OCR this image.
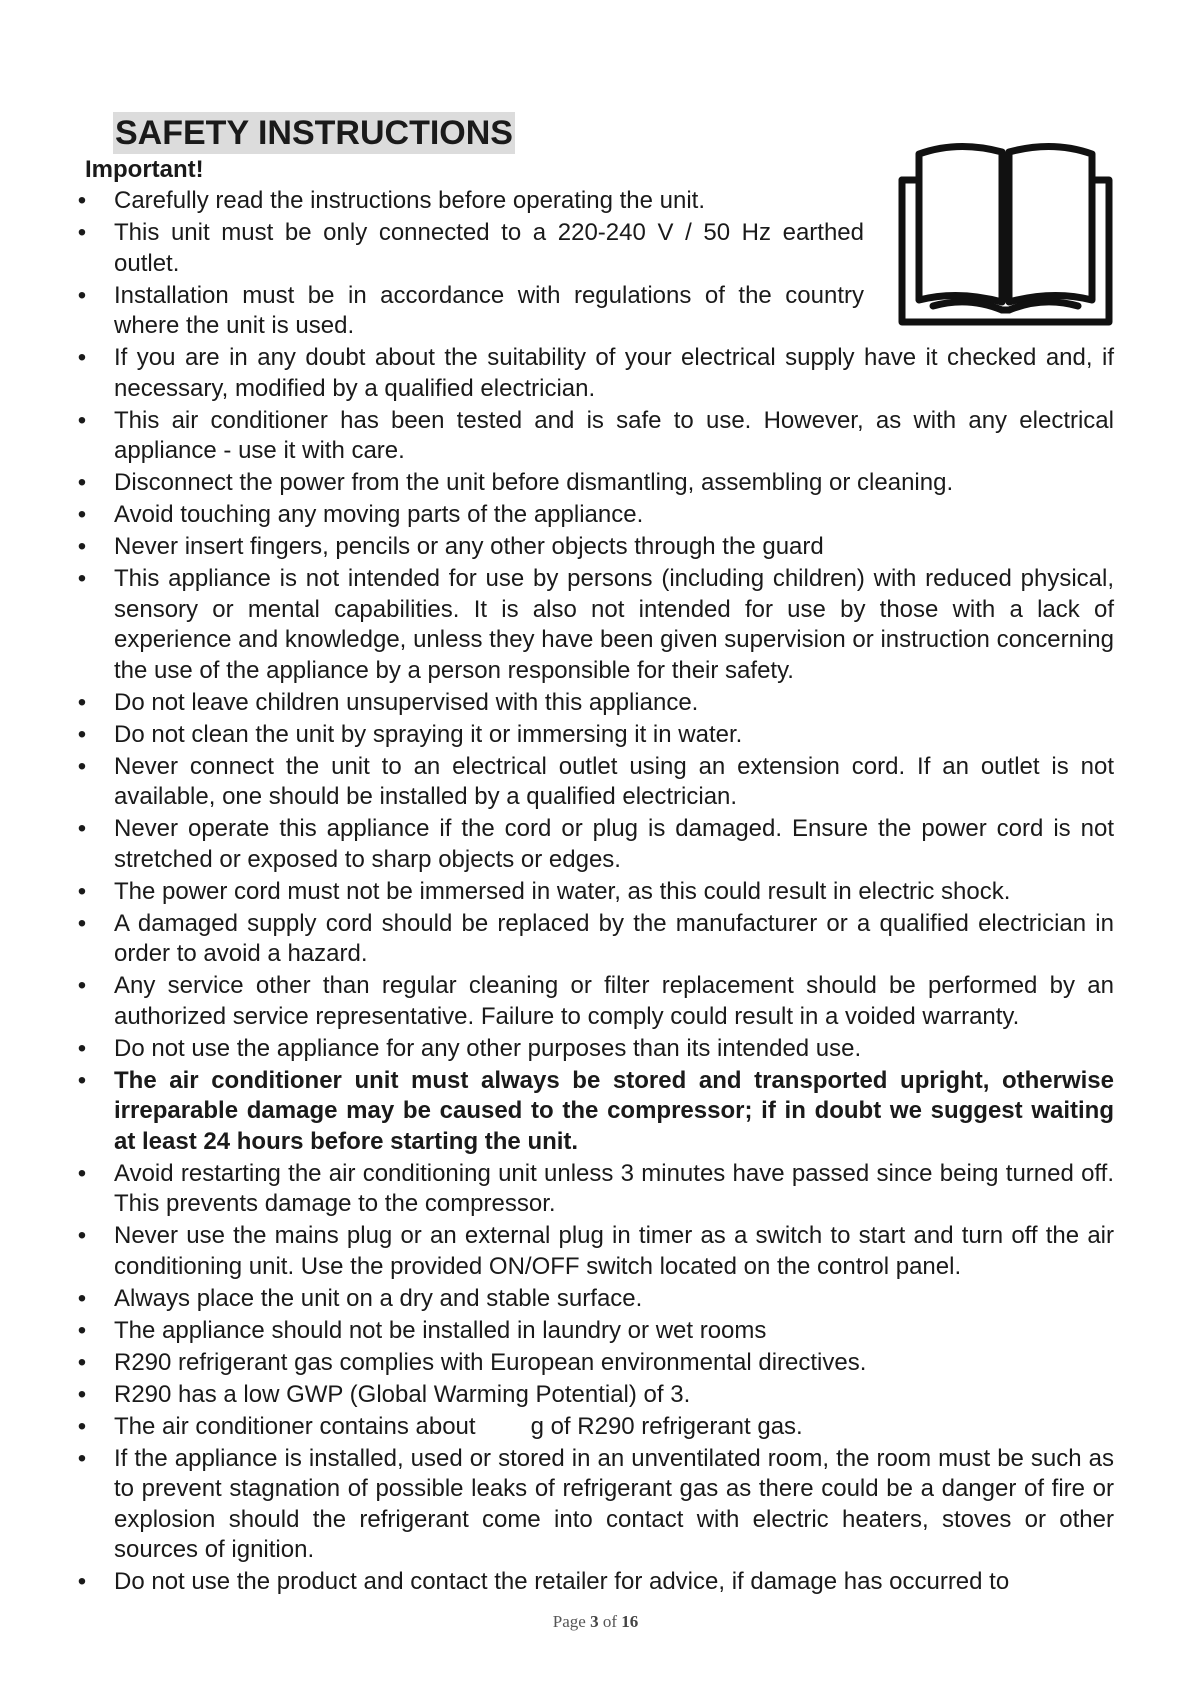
SAFETY INSTRUCTIONS

Important!

• Carefully read the instructions before operating the unit.
• This unit must be only connected to a 220-240 V / 50 Hz earthed outlet.
• Installation must be in accordance with regulations of the country where the unit is used.
• If you are in any doubt about the suitability of your electrical supply have it checked and, if necessary, modified by a qualified electrician.
• This air conditioner has been tested and is safe to use. However, as with any electrical appliance - use it with care.
• Disconnect the power from the unit before dismantling, assembling or cleaning.
• Avoid touching any moving parts of the appliance.
• Never insert fingers, pencils or any other objects through the guard
• This appliance is not intended for use by persons (including children) with reduced physical, sensory or mental capabilities. It is also not intended for use by those with a lack of experience and knowledge, unless they have been given supervision or instruction concerning the use of the appliance by a person responsible for their safety.
• Do not leave children unsupervised with this appliance.
• Do not clean the unit by spraying it or immersing it in water.
• Never connect the unit to an electrical outlet using an extension cord. If an outlet is not available, one should be installed by a qualified electrician.
• Never operate this appliance if the cord or plug is damaged. Ensure the power cord is not stretched or exposed to sharp objects or edges.
• The power cord must not be immersed in water, as this could result in electric shock.
• A damaged supply cord should be replaced by the manufacturer or a qualified electrician in order to avoid a hazard.
• Any service other than regular cleaning or filter replacement should be performed by an authorized service representative. Failure to comply could result in a voided warranty.
• Do not use the appliance for any other purposes than its intended use.
• The air conditioner unit must always be stored and transported upright, otherwise irreparable damage may be caused to the compressor; if in doubt we suggest waiting at least 24 hours before starting the unit.
• Avoid restarting the air conditioning unit unless 3 minutes have passed since being turned off. This prevents damage to the compressor.
• Never use the mains plug or an external plug in timer as a switch to start and turn off the air conditioning unit. Use the provided ON/OFF switch located on the control panel.
• Always place the unit on a dry and stable surface.
• The appliance should not be installed in laundry or wet rooms
• R290 refrigerant gas complies with European environmental directives.
• R290 has a low GWP (Global Warming Potential) of 3.
• The air conditioner contains about g of R290 refrigerant gas.
• If the appliance is installed, used or stored in an unventilated room, the room must be such as to prevent stagnation of possible leaks of refrigerant gas as there could be a danger of fire or explosion should the refrigerant come into contact with electric heaters, stoves or other sources of ignition.
• Do not use the product and contact the retailer for advice, if damage has occurred to
Page 3 of 16
